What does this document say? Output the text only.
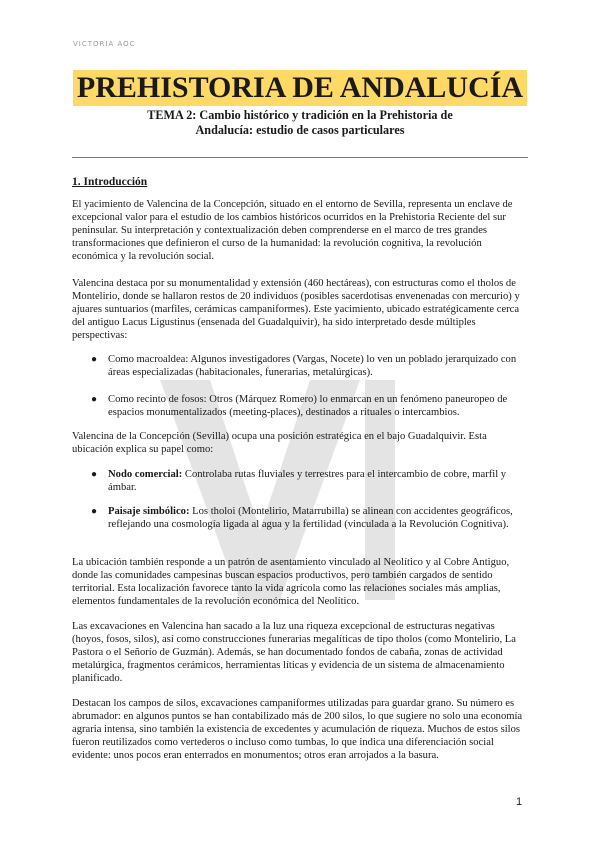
VICTORIA AOC
PREHISTORIA DE ANDALUCÍA
TEMA 2: Cambio histórico y tradición en la Prehistoria de Andalucía: estudio de casos particulares
1. Introducción
El yacimiento de Valencina de la Concepción, situado en el entorno de Sevilla, representa un enclave de excepcional valor para el estudio de los cambios históricos ocurridos en la Prehistoria Reciente del sur peninsular. Su interpretación y contextualización deben comprenderse en el marco de tres grandes transformaciones que definieron el curso de la humanidad: la revolución cognitiva, la revolución económica y la revolución social.
Valencina destaca por su monumentalidad y extensión (460 hectáreas), con estructuras como el tholos de Montelirio, donde se hallaron restos de 20 individuos (posibles sacerdotisas envenenadas con mercurio) y ajuares suntuarios (marfiles, cerámicas campaniformes). Este yacimiento, ubicado estratégicamente cerca del antiguo Lacus Ligustinus (ensenada del Guadalquivir), ha sido interpretado desde múltiples perspectivas:
● Como macroaldea: Algunos investigadores (Vargas, Nocete) lo ven un poblado jerarquizado con áreas especializadas (habitacionales, funerarias, metalúrgicas).
● Como recinto de fosos: Otros (Márquez Romero) lo enmarcan en un fenómeno paneuropeo de espacios monumentalizados (meeting-places), destinados a rituales o intercambios.
Valencina de la Concepción (Sevilla) ocupa una posición estratégica en el bajo Guadalquivir. Esta ubicación explica su papel como:
● Nodo comercial: Controlaba rutas fluviales y terrestres para el intercambio de cobre, marfil y ámbar.
● Paisaje simbólico: Los tholoi (Montelirio, Matarrubilla) se alinean con accidentes geográficos, reflejando una cosmología ligada al agua y la fertilidad (vinculada a la Revolución Cognitiva).
La ubicación también responde a un patrón de asentamiento vinculado al Neolítico y al Cobre Antiguo, donde las comunidades campesinas buscan espacios productivos, pero también cargados de sentido territorial. Esta localización favorece tanto la vida agrícola como las relaciones sociales más amplias, elementos fundamentales de la revolución económica del Neolítico.
Las excavaciones en Valencina han sacado a la luz una riqueza excepcional de estructuras negativas (hoyos, fosos, silos), así como construcciones funerarias megalíticas de tipo tholos (como Montelirio, La Pastora o el Señorío de Guzmán). Además, se han documentado fondos de cabaña, zonas de actividad metalúrgica, fragmentos cerámicos, herramientas líticas y evidencia de un sistema de almacenamiento planificado.
Destacan los campos de silos, excavaciones campaniformes utilizadas para guardar grano. Su número es abrumador: en algunos puntos se han contabilizado más de 200 silos, lo que sugiere no solo una economía agraria intensa, sino también la existencia de excedentes y acumulación de riqueza. Muchos de estos silos fueron reutilizados como vertederos o incluso como tumbas, lo que indica una diferenciación social evidente: unos pocos eran enterrados en monumentos; otros eran arrojados a la basura.
1
